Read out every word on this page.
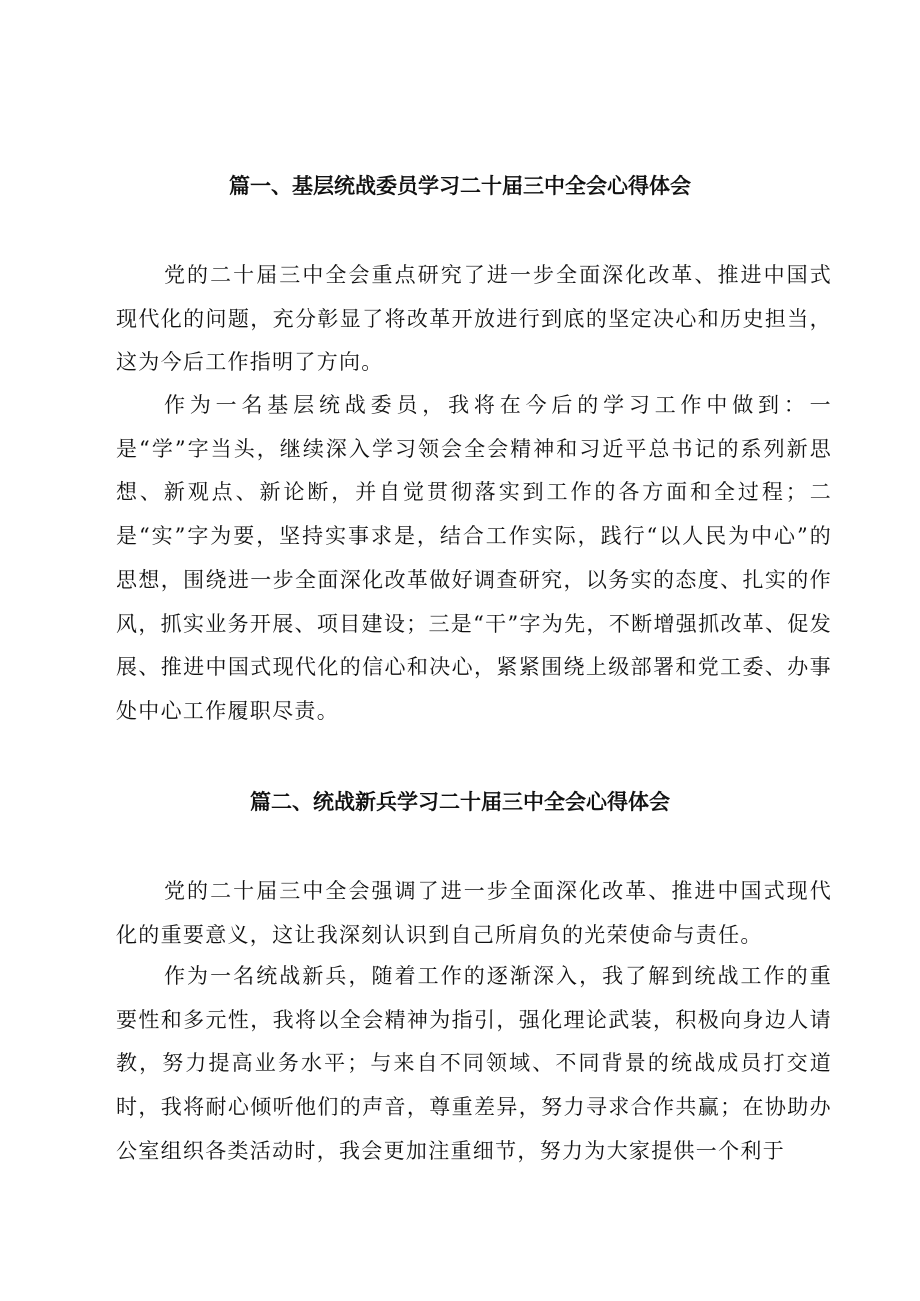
篇一、基层统战委员学习二十届三中全会心得体会

党的二十届三中全会重点研究了进一步全面深化改革、推进中国式现代化的问题，充分彰显了将改革开放进行到底的坚定决心和历史担当，这为今后工作指明了方向。

作为一名基层统战委员，我将在今后的学习工作中做到：一是“学”字当头，继续深入学习领会全会精神和习近平总书记的系列新思想、新观点、新论断，并自觉贯彻落实到工作的各方面和全过程；二是“实”字为要，坚持实事求是，结合工作实际，践行“以人民为中心”的思想，围绕进一步全面深化改革做好调查研究，以务实的态度、扎实的作风，抓实业务开展、项目建设；三是“干”字为先，不断增强抓改革、促发展、推进中国式现代化的信心和决心，紧紧围绕上级部署和党工委、办事处中心工作履职尽责。

篇二、统战新兵学习二十届三中全会心得体会

党的二十届三中全会强调了进一步全面深化改革、推进中国式现代化的重要意义，这让我深刻认识到自己所肩负的光荣使命与责任。

作为一名统战新兵，随着工作的逐渐深入，我了解到统战工作的重要性和多元性，我将以全会精神为指引，强化理论武装，积极向身边人请教，努力提高业务水平；与来自不同领域、不同背景的统战成员打交道时，我将耐心倾听他们的声音，尊重差异，努力寻求合作共赢；在协助办公室组织各类活动时，我会更加注重细节，努力为大家提供一个利于
